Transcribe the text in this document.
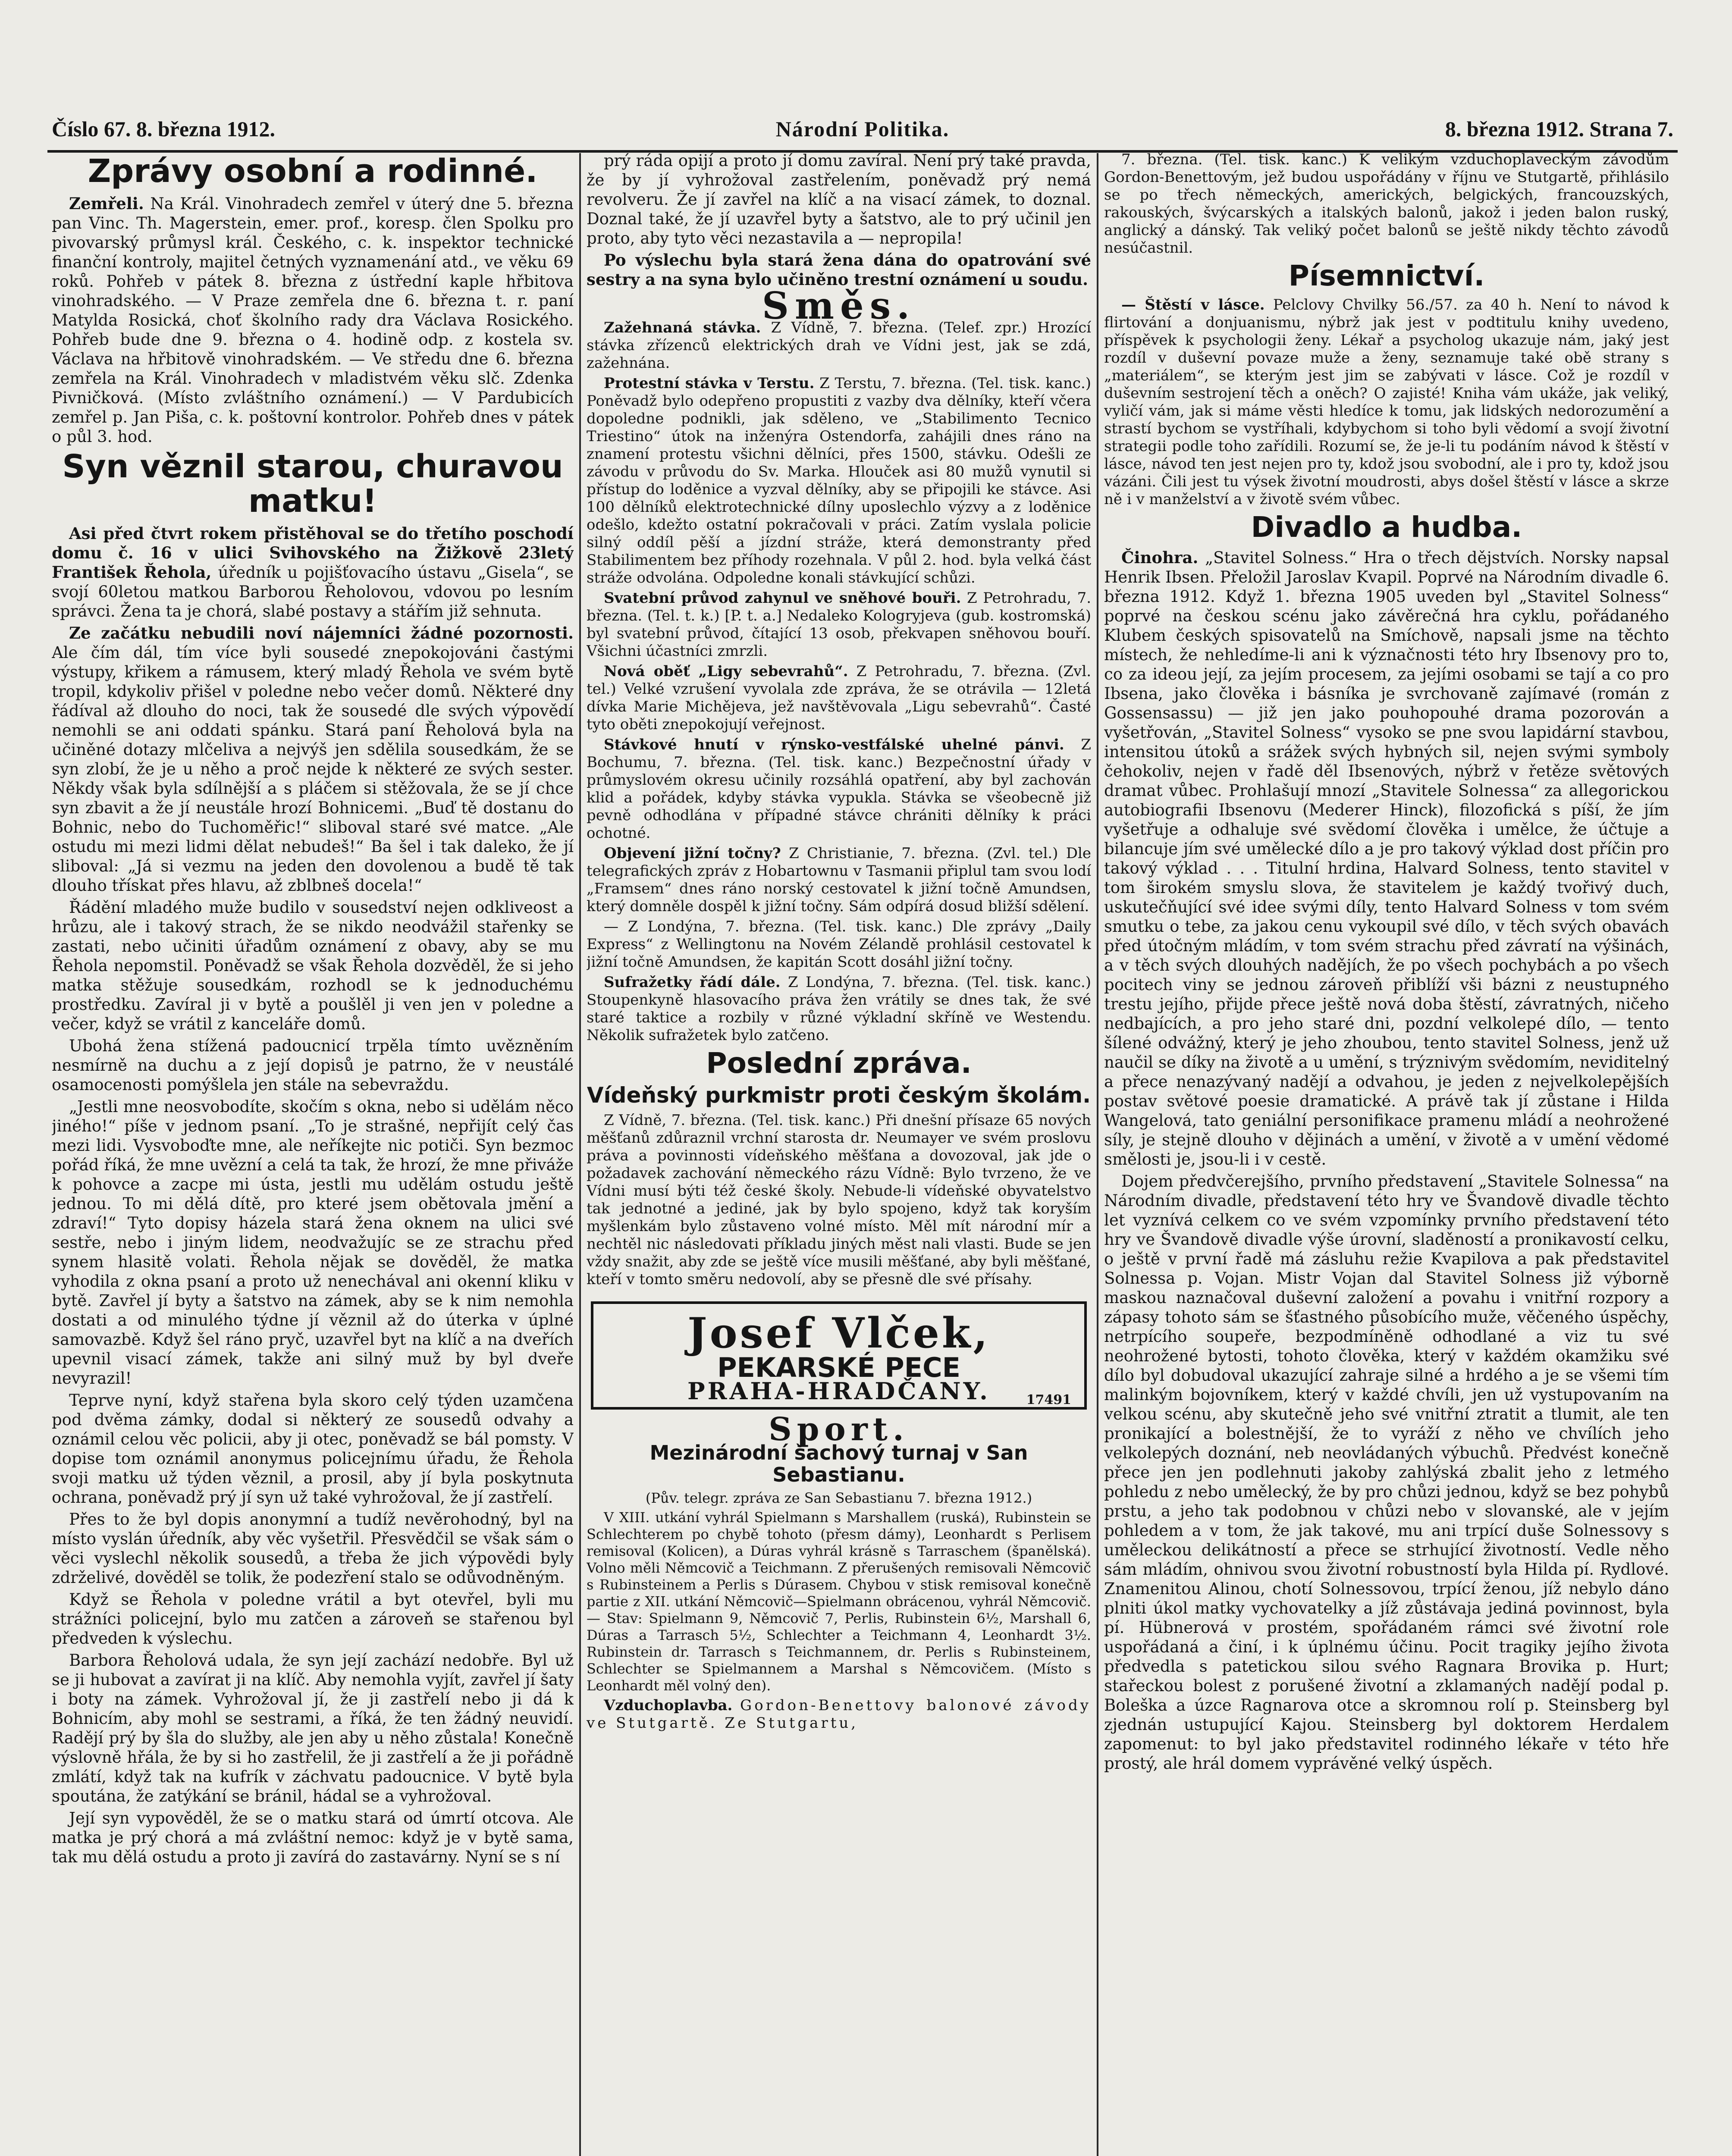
Číslo 67. 8. března 1912.	Národní Politika.	8. března 1912. Strana 7.
Zprávy osobní a rodinné.

Zemřeli. Na Král. Vinohradech zemřel v úterý dne 5. března pan Vinc. Th. Magerstein, emer. prof., koresp. člen Spolku pro pivovarský průmysl král. Českého, c. k. inspektor technické finanční kontroly, majitel četných vyznamenání atd., ve věku 69 roků. Pohřeb v pátek 8. března z ústřední kaple hřbitova vinohradského. — V Praze zemřela dne 6. března t. r. paní Matylda Rosická, choť školního rady dra Václava Rosického. Pohřeb bude dne 9. března o 4. hodině odp. z kostela sv. Václava na hřbitově vinohradském. — Ve středu dne 6. března zemřela na Král. Vinohradech v mladistvém věku slč. Zdenka Pivničková. (Místo zvláštního oznámení.) — V Pardubicích zemřel p. Jan Piša, c. k. poštovní kontrolor. Pohřeb dnes v pátek o půl 3. hod.

Syn věznil starou, churavou matku!

Asi před čtvrt rokem přistěhoval se do třetího poschodí domu č. 16 v ulici Svihovského na Žižkově 23letý František Řehola, úředník u pojišťovacího ústavu „Gisela“, se svojí 60letou matkou Barborou Řeholovou, vdovou po lesním správci. Žena ta je chorá, slabé postavy a stářím již sehnuta.

Ze začátku nebudili noví nájemníci žádné pozornosti. Ale čím dál, tím více byli sousedé znepokojováni častými výstupy, křikem a rámusem, který mladý Řehola ve svém bytě tropil, kdykoliv přišel v poledne nebo večer domů. Některé dny řádíval až dlouho do noci, tak že sousedé dle svých výpovědí nemohli se ani oddati spánku. Stará paní Řeholová byla na učiněné dotazy mlčeliva a nejvýš jen sdělila sousedkám, že se syn zlobí, že je u něho a proč nejde k některé ze svých sester. Někdy však byla sdílnější a s pláčem si stěžovala, že se jí chce syn zbavit a že jí neustále hrozí Bohnicemi. „Buď tě dostanu do Bohnic, nebo do Tuchoměřic!“ sliboval staré své matce. „Ale ostudu mi mezi lidmi dělat nebudeš!“ Ba šel i tak daleko, že jí sliboval: „Já si vezmu na jeden den dovolenou a budě tě tak dlouho třískat přes hlavu, až zblbneš docela!“

Řádění mladého muže budilo v sousedství nejen odkliveost a hrůzu, ale i takový strach, že se nikdo neodvážil stařenky se zastati, nebo učiniti úřadům oznámení z obavy, aby se mu Řehola nepomstil. Poněvadž se však Řehola dozvěděl, že si jeho matka stěžuje sousedkám, rozhodl se k jednoduchému prostředku. Zavíral ji v bytě a poušlěl ji ven jen v poledne a večer, když se vrátil z kanceláře domů.

Ubohá žena stížená padoucnicí trpěla tímto uvězněním nesmírně na duchu a z její dopisů je patrno, že v neustálé osamocenosti pomýšlela jen stále na sebevraždu.

„Jestli mne neosvobodíte, skočím s okna, nebo si udělám něco jiného!“ píše v jednom psaní. „To je strašné, nepřijít celý čas mezi lidi. Vysvoboďte mne, ale neříkejte nic potiči. Syn bezmoc pořád říká, že mne uvězní a celá ta tak, že hrozí, že mne přiváže k pohovce a zacpe mi ústa, jestli mu udělám ostudu ještě jednou. To mi dělá dítě, pro které jsem obětovala jmění a zdraví!“ Tyto dopisy házela stará žena oknem na ulici své sestře, nebo i jiným lidem, neodvažujíc se ze strachu před synem hlasitě volati. Řehola nějak se dověděl, že matka vyhodila z okna psaní a proto už nenechával ani okenní kliku v bytě. Zavřel jí byty a šatstvo na zámek, aby se k nim nemohla dostati a od minulého týdne jí věznil až do úterka v úplné samovazbě. Když šel ráno pryč, uzavřel byt na klíč a na dveřích upevnil visací zámek, takže ani silný muž by byl dveře nevyrazil!

Teprve nyní, když stařena byla skoro celý týden uzamčena pod dvěma zámky, dodal si některý ze sousedů odvahy a oznámil celou věc policii, aby ji otec, poněvadž se bál pomsty. V dopise tom oznámil anonymus policejnímu úřadu, že Řehola svoji matku už týden věznil, a prosil, aby jí byla poskytnuta ochrana, poněvadž prý jí syn už také vyhrožoval, že jí zastřelí.

Přes to že byl dopis anonymní a tudíž nevěrohodný, byl na místo vyslán úředník, aby věc vyšetřil. Přesvědčil se však sám o věci vyslechl několik sousedů, a třeba že jich výpovědi byly zdrželivé, dověděl se tolik, že podezření stalo se odůvodněným.

Když se Řehola v poledne vrátil a byt otevřel, byli mu strážníci policejní, bylo mu zatčen a zároveň se stařenou byl předveden k výslechu.

Barbora Řeholová udala, že syn její zachází nedobře. Byl už se ji hubovat a zavírat ji na klíč. Aby nemohla vyjít, zavřel jí šaty i boty na zámek. Vyhrožoval jí, že ji zastřelí nebo ji dá k Bohnicím, aby mohl se sestrami, a říká, že ten žádný neuvidí. Radějí prý by šla do služby, ale jen aby u něho zůstala! Konečně výslovně hřála, že by si ho zastřelil, že ji zastřelí a že ji pořádně zmlátí, když tak na kufrík v záchvatu padoucnice. V bytě byla spoutána, že zatýkání se bránil, hádal se a vyhrožoval.

Její syn vypověděl, že se o matku stará od úmrtí otcova. Ale matka je prý chorá a má zvláštní nemoc: když je v bytě sama, tak mu dělá ostudu a proto ji zavírá do zastavárny. Nyní se s ní

prý ráda opijí a proto jí domu zavíral. Není prý také pravda, že by jí vyhrožoval zastřelením, poněvadž prý nemá revolveru. Že jí zavřel na klíč a na visací zámek, to doznal. Doznal také, že jí uzavřel byty a šatstvo, ale to prý učinil jen proto, aby tyto věci nezastavila a — nepropila!

Po výslechu byla stará žena dána do opatrování své sestry a na syna bylo učiněno trestní oznámení u soudu.

Směs.

Zažehnaná stávka. Z Vídně, 7. března. (Telef. zpr.) Hrozící stávka zřízenců elektrických drah ve Vídni jest, jak se zdá, zažehnána.

Protestní stávka v Terstu. Z Terstu, 7. března. (Tel. tisk. kanc.) Poněvadž bylo odepřeno propustiti z vazby dva dělníky, kteří včera dopoledne podnikli, jak sděleno, ve „Stabilimento Tecnico Triestino“ útok na inženýra Ostendorfa, zahájili dnes ráno na znamení protestu všichni dělníci, přes 1500, stávku. Odešli ze závodu v průvodu do Sv. Marka. Hlouček asi 80 mužů vynutil si přístup do loděnice a vyzval dělníky, aby se připojili ke stávce. Asi 100 dělníků elektrotechnické dílny uposlechlo výzvy a z loděnice odešlo, kdežto ostatní pokračovali v práci. Zatím vyslala policie silný oddíl pěší a jízdní stráže, která demonstranty před Stabilimentem bez příhody rozehnala. V půl 2. hod. byla velká část stráže odvolána. Odpoledne konali stávkující schůzi.

Svatební průvod zahynul ve sněhové bouři. Z Petrohradu, 7. března. (Tel. t. k.) [P. t. a.] Nedaleko Kologryjeva (gub. kostromská) byl svatební průvod, čítající 13 osob, překvapen sněhovou bouří. Všichni účastníci zmrzli.

Nová oběť „Ligy sebevrahů“. Z Petrohradu, 7. března. (Zvl. tel.) Velké vzrušení vyvolala zde zpráva, že se otrávila — 12letá dívka Marie Michějeva, jež navštěvovala „Ligu sebevrahů“. Časté tyto oběti znepokojují veřejnost.

Stávkové hnutí v rýnsko-vestfálské uhelné pánvi. Z Bochumu, 7. března. (Tel. tisk. kanc.) Bezpečnostní úřady v průmyslovém okresu učinily rozsáhlá opatření, aby byl zachován klid a pořádek, kdyby stávka vypukla. Stávka se všeobecně již pevně odhodlána v případné stávce chrániti dělníky k práci ochotné.

Objevení jižní točny? Z Christianie, 7. března. (Zvl. tel.) Dle telegrafických zpráv z Hobartownu v Tasmanii připlul tam svou lodí „Framsem“ dnes ráno norský cestovatel k jižní točně Amundsen, který domněle dospěl k jižní točny. Sám odpírá dosud bližší sdělení.

— Z Londýna, 7. března. (Tel. tisk. kanc.) Dle zprávy „Daily Express“ z Wellingtonu na Novém Zélandě prohlásil cestovatel k jižní točně Amundsen, že kapitán Scott dosáhl jižní točny.

Sufražetky řádí dále. Z Londýna, 7. března. (Tel. tisk. kanc.) Stoupenkyně hlasovacího práva žen vrátily se dnes tak, že své staré taktice a rozbily v různé výkladní skříně ve Westendu. Několik sufražetek bylo zatčeno.

Poslední zpráva.
Vídeňský purkmistr proti českým školám.

Z Vídně, 7. března. (Tel. tisk. kanc.) Při dnešní přísaze 65 nových měšťanů zdůraznil vrchní starosta dr. Neumayer ve svém proslovu práva a povinnosti vídeňského měšťana a dovozoval, jak jde o požadavek zachování německého rázu Vídně: Bylo tvrzeno, že ve Vídni musí býti též české školy. Nebude-li vídeňské obyvatelstvo tak jednotné a jediné, jak by bylo spojeno, když tak koryším myšlenkám bylo zůstaveno volné místo. Měl mít národní mír a nechtěl nic následovati příkladu jiných měst nali vlasti. Bude se jen vždy snažit, aby zde se ještě více musili měšťané, aby byli měšťané, kteří v tomto směru nedovolí, aby se přesně dle své přísahy.

Josef Vlček,
PEKARSKÉ PECE
PRAHA-HRADČANY.	17491
Sport.
Mezinárodní šachový turnaj v San Sebastianu.

(Pův. telegr. zpráva ze San Sebastianu 7. března 1912.)

V XIII. utkání vyhrál Spielmann s Marshallem (ruská), Rubinstein se Schlechterem po chybě tohoto (přesm dámy), Leonhardt s Perlisem remisoval (Kolicen), a Dúras vyhrál krásně s Tarraschem (španělská). Volno měli Němcovič a Teichmann. Z přerušených remisovali Němcovič s Rubinsteinem a Perlis s Dúrasem. Chybou v stisk remisoval konečně partie z XII. utkání Němcovič—Spielmann obrácenou, vyhrál Němcovič. — Stav: Spielmann 9, Němcovič 7, Perlis, Rubinstein 6½, Marshall 6, Dúras a Tarrasch 5½, Schlechter a Teichmann 4, Leonhardt 3½. Rubinstein dr. Tarrasch s Teichmannem, dr. Perlis s Rubinsteinem, Schlechter se Spielmannem a Marshal s Němcovičem. (Místo s Leonhardt měl volný den).

Vzduchoplavba. Gordon-Benettovy balonové závody ve Stutgartě. Ze Stutgartu,

7. března. (Tel. tisk. kanc.) K velikým vzduchoplaveckým závodům Gordon-Benettovým, jež budou uspořádány v říjnu ve Stutgartě, přihlásilo se po třech německých, amerických, belgických, francouzských, rakouských, švýcarských a italských balonů, jakož i jeden balon ruský, anglický a dánský. Tak veliký počet balonů se ještě nikdy těchto závodů nesúčastnil.

Písemnictví.

— Štěstí v lásce. Pelclovy Chvilky 56./57. za 40 h. Není to návod k flirtování a donjuanismu, nýbrž jak jest v podtitulu knihy uvedeno, příspěvek k psychologii ženy. Lékař a psycholog ukazuje nám, jaký jest rozdíl v duševní povaze muže a ženy, seznamuje také obě strany s „materiálem“, se kterým jest jim se zabývati v lásce. Což je rozdíl v duševním sestrojení těch a oněch? O zajisté! Kniha vám ukáže, jak veliký, vyličí vám, jak si máme věsti hledíce k tomu, jak lidských nedorozumění a strastí bychom se vystříhali, kdybychom si toho byli vědomí a svojí životní strategii podle toho zařídili. Rozumí se, že je-li tu podáním návod k štěstí v lásce, návod ten jest nejen pro ty, kdož jsou svobodní, ale i pro ty, kdož jsou vázáni. Čili jest tu výsek životní moudrosti, abys došel štěstí v lásce a skrze ně i v manželství a v životě svém vůbec.

Divadlo a hudba.

Činohra. „Stavitel Solness.“ Hra o třech dějstvích. Norsky napsal Henrik Ibsen. Přeložil Jaroslav Kvapil. Poprvé na Národním divadle 6. března 1912. Když 1. března 1905 uveden byl „Stavitel Solness“ poprvé na českou scénu jako závěrečná hra cyklu, pořádaného Klubem českých spisovatelů na Smíchově, napsali jsme na těchto místech, že nehledíme-li ani k význačnosti této hry Ibsenovy pro to, co za ideou její, za jejím procesem, za jejími osobami se tají a co pro Ibsena, jako člověka i básníka je svrchovaně zajímavé (román z Gossensassu) — již jen jako pouhopouhé drama pozorován a vyšetřován, „Stavitel Solness“ vysoko se pne svou lapidární stavbou, intensitou útoků a srážek svých hybných sil, nejen svými symboly čehokoliv, nejen v řadě děl Ibsenových, nýbrž v řetěze světových dramat vůbec. Prohlašují mnozí „Stavitele Solnessa“ za allegorickou autobiografii Ibsenovu (Mederer Hinck), filozofická s píší, že jím vyšetřuje a odhaluje své svědomí člověka i umělce, že účtuje a bilancuje jím své umělecké dílo a je pro takový výklad dost příčin pro takový výklad . . . Titulní hrdina, Halvard Solness, tento stavitel v tom širokém smyslu slova, že stavitelem je každý tvořivý duch, uskutečňující své idee svými díly, tento Halvard Solness v tom svém smutku o tebe, za jakou cenu vykoupil své dílo, v těch svých obavách před útočným mládím, v tom svém strachu před závratí na výšinách, a v těch svých dlouhých nadějích, že po všech pochybách a po všech pocitech viny se jednou zároveň přiblíží vši bázni z neustupného trestu jejího, přijde přece ještě nová doba štěstí, závratných, ničeho nedbajících, a pro jeho staré dni, pozdní velkolepé dílo, — tento šílené odvážný, který je jeho zhoubou, tento stavitel Solness, jenž už naučil se díky na životě a u umění, s trýznivým svědomím, neviditelný a přece nenazývaný nadějí a odvahou, je jeden z nejvelkolepějších postav světové poesie dramatické. A právě tak jí zůstane i Hilda Wangelová, tato geniální personifikace pramenu mládí a neohrožené síly, je stejně dlouho v dějinách a umění, v životě a v umění vědomé smělosti je, jsou-li i v cestě.

Dojem předvčerejšího, prvního představení „Stavitele Solnessa“ na Národním divadle, představení této hry ve Švandově divadle těchto let vyznívá celkem co ve svém vzpomínky prvního představení této hry ve Švandově divadle výše úrovní, sladěností a pronikavostí celku, o ještě v první řadě má zásluhu režie Kvapilova a pak představitel Solnessa p. Vojan. Mistr Vojan dal Stavitel Solness již výborně maskou naznačoval duševní založení a povahu i vnitřní rozpory a zápasy tohoto sám se šťastného působícího muže, věčeného úspěchy, netrpícího soupeře, bezpodmíněně odhodlané a viz tu své neohrožené bytosti, tohoto člověka, který v každém okamžiku své dílo byl dobudoval ukazující zahraje silné a hrdého a je se všemi tím malinkým bojovníkem, který v každé chvíli, jen už vystupovaním na velkou scénu, aby skutečně jeho své vnitřní ztratit a tlumit, ale ten pronikající a bolestnější, že to vyráží z něho ve chvílích jeho velkolepých doznání, neb neovládaných výbuchů. Předvést konečně přece jen jen podlehnuti jakoby zahlýská zbalit jeho z letmého pohledu z nebo umělecký, že by pro chůzi jednou, když se bez pohybů prstu, a jeho tak podobnou v chůzi nebo v slovanské, ale v jejím pohledem a v tom, že jak takové, mu ani trpící duše Solnessovy s uměleckou delikátností a přece se strhující životností. Vedle něho sám mládím, ohnivou svou životní robustností byla Hilda pí. Rydlové. Znamenitou Alinou, chotí Solnessovou, trpící ženou, jíž nebylo dáno plniti úkol matky vychovatelky a jíž zůstávaja jediná povinnost, byla pí. Hübnerová v prostém, spořádaném rámci své životní role uspořádaná a činí, i k úplnému účinu. Pocit tragiky jejího života předvedla s patetickou silou svého Ragnara Brovika p. Hurt; stařeckou bolest z porušené životní a zklamaných nadějí podal p. Boleška a úzce Ragnarova otce a skromnou rolí p. Steinsberg byl zjednán ustupující Kajou. Steinsberg byl doktorem Herdalem zapomenut: to byl jako představitel rodinného lékaře v této hře prostý, ale hrál domem vyprávěné velký úspěch.
